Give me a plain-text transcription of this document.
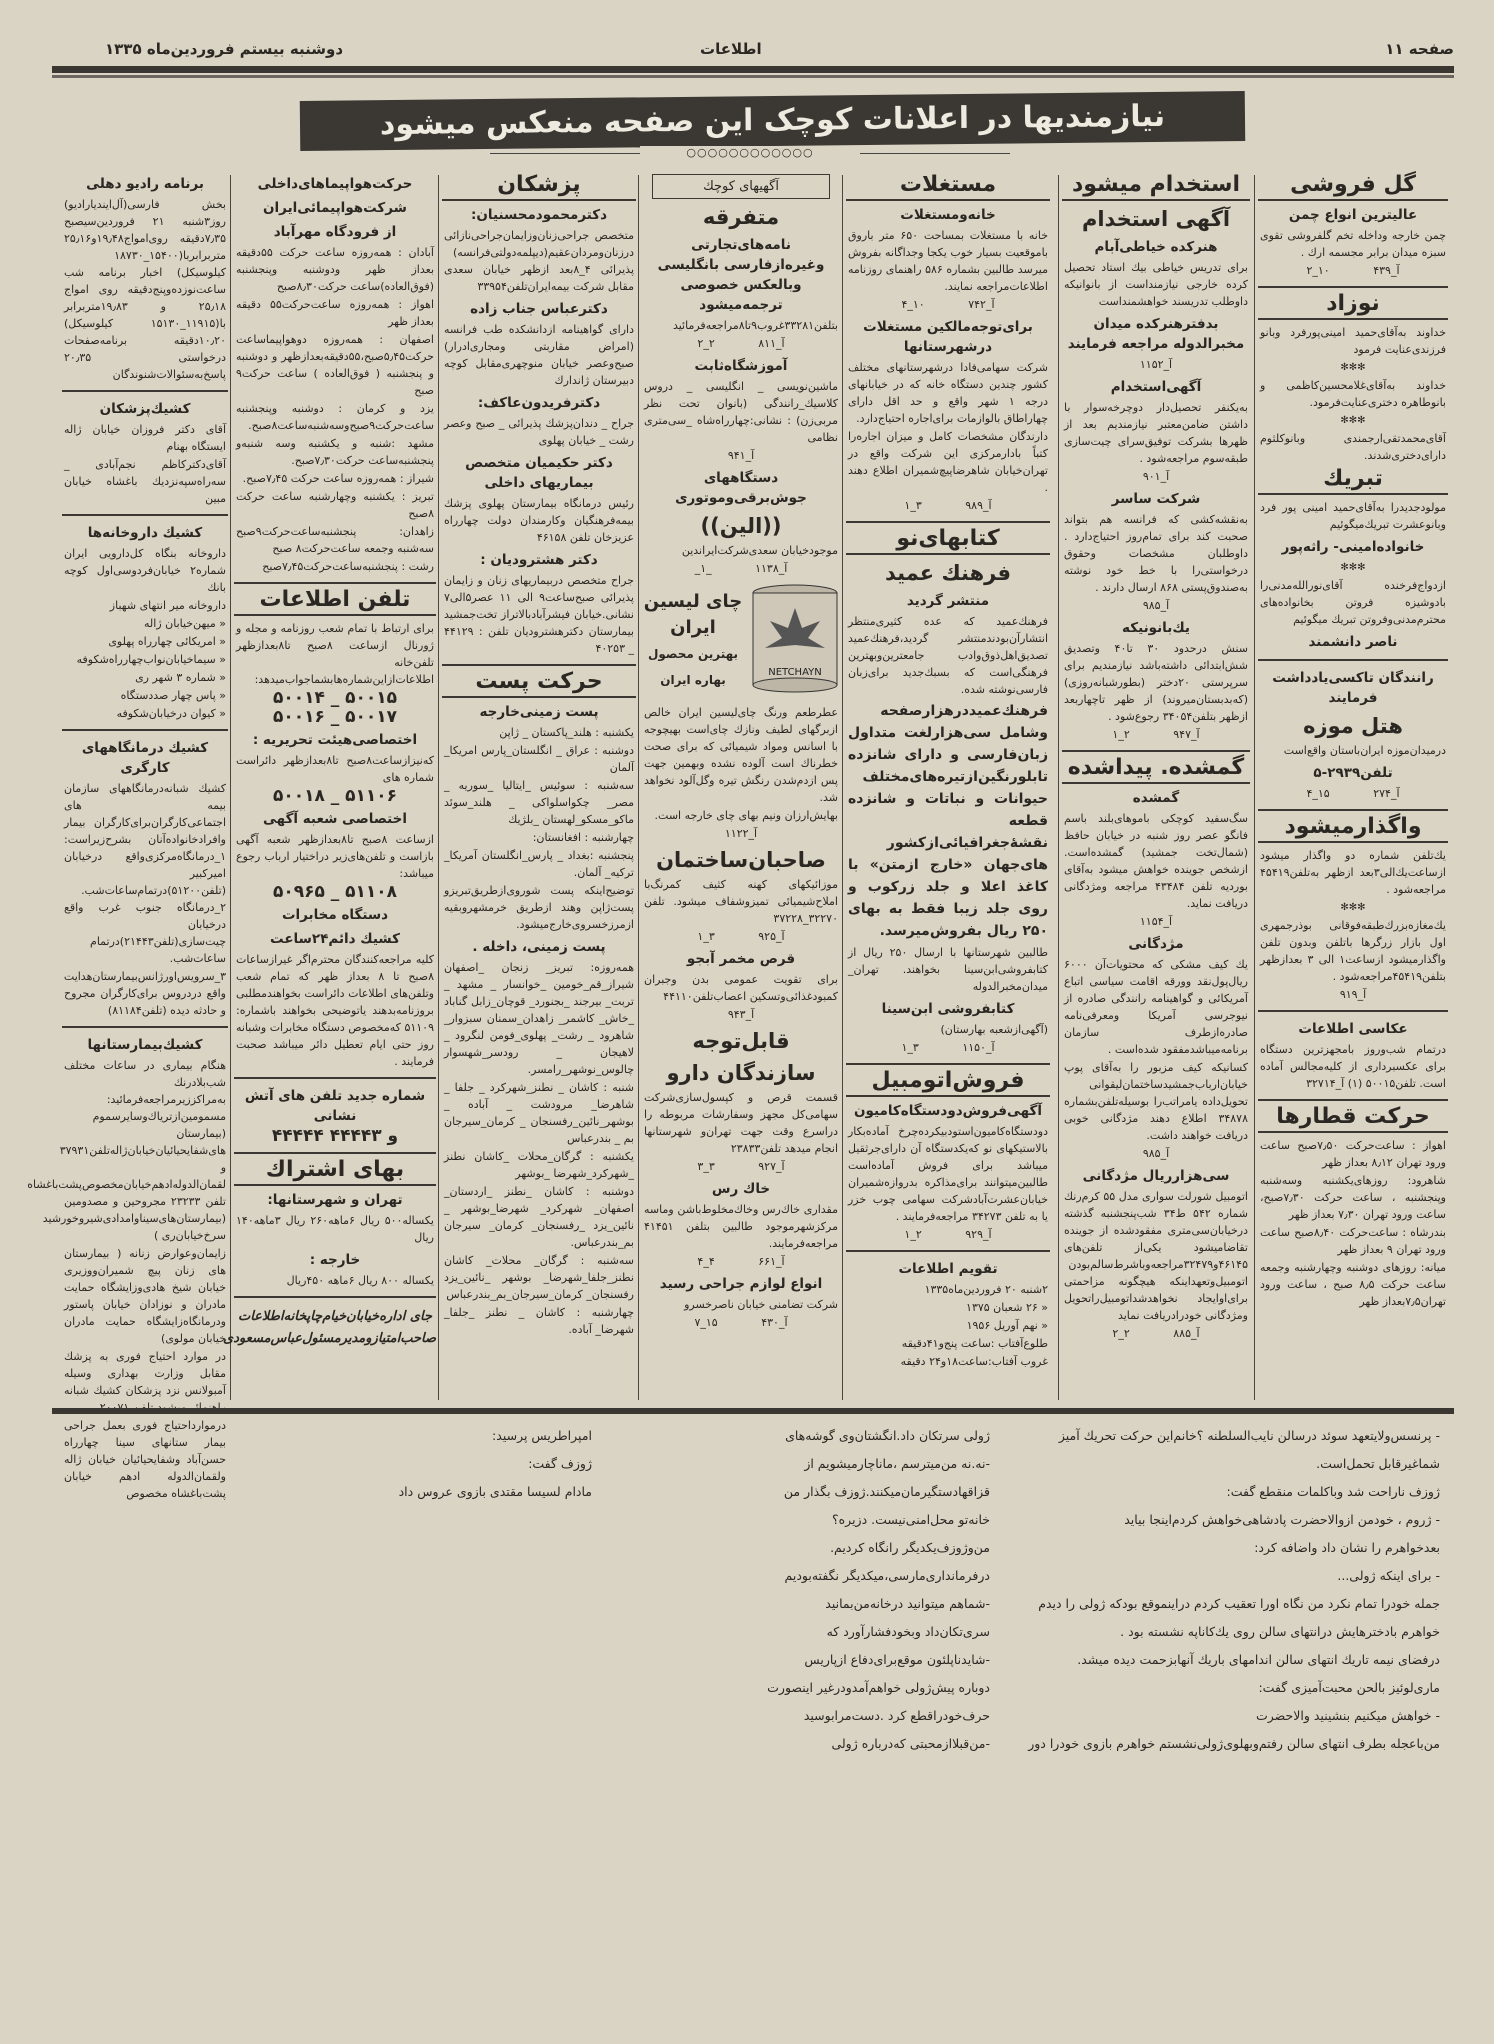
صفحه ۱۱
اطلاعات
دوشنبه بیستم فروردین‌ماه ۱۳۳۵
نیازمندیها در اعلانات کوچک این صفحه منعکس میشود
○○○○○○○○○○○○
گل فروشی
عالیترین انواع چمن
چمن خارجه وداخله تخم گلفروشی تقوی سبزه میدان برابر مجسمه ارك .
آ_۴۳۹ ۱۰_۲
نوزاد
خداوند به‌آقای‌حمید امینی‌پورفرد وبانو فرزندی‌عنایت فرمود
✻✻✻
خداوند به‌آقای‌غلامحسین‌کاظمی و بانوطاهره دختری‌عنایت‌فرمود.
✻✻✻
آقای‌محمدتقی‌ارجمندی وبانوکلثوم دارای‌دختری‌شدند.
تبریك
مولودجدیدرا به‌آقای‌حمید امینی پور فرد وبانوعشرت تبریك‌میگوئیم
خانواده‌امینی- راثه‌پور
✻✻✻
ازدواج‌فرخنده آقای‌نورالله‌مدنی‌را بادوشیزه فروتن بخانواده‌های محترم‌مدنی‌وفروتن تبریك میگوئیم
ناصر دانشمند
رانندگان تاکسی‌یادداشت فرمایند
هتل موزه
درمیدان‌موزه ایران‌باستان واقع‌است
تلفن۲۹۳۹-۵
آ_۲۷۴ ۱۵_۴
واگذارمیشود
یك‌تلفن شماره دو واگذار میشود ازساعت‌یك‌الی۳بعد ازظهر به‌تلفن۴۵۴۱۹ مراجعه‌شود .
✻✻✻
یك‌مغازه‌بزرك‌طبقه‌فوقانی بوذرجمهری اول بازار زرگرها باتلفن وبدون تلفن واگذارمیشود ازساعت۱ الی ۳ بعدازظهر بتلفن۴۵۴۱۹مراجعه‌شود .
آ_۹۱۹
عکاسی اطلاعات
درتمام شب‌وروز بامجهزترین دستگاه برای عکسبرداری از کلیه‌مجالس آماده است. تلفن۵۰۰۱۵ (۱) آ_۳۲۷۱۴
حرکت قطارها
اهواز : ساعت‌حرکت ۷٫۵۰صبح ساعت ورود تهران ۸٫۱۲ بعداز ظهر
شاهرود: روزهای‌یکشنبه وسه‌شنبه وپنجشنبه ، ساعت حرکت ۷٫۳۰صبح، ساعت ورود تهران ۷٫۳۰ بعداز ظهر
بندرشاه : ساعت‌حرکت ۸٫۴۰صبح ساعت ورود تهران ۹ بعداز ظهر
میانه: روزهای دوشنبه وچهارشنبه وجمعه ساعت حرکت ۸٫۵ صبح ، ساعت ورود تهران۷٫۵بعداز ظهر
استخدام میشود
آگهی استخدام
هنرکده خیاطی‌آبام
برای تدریس خیاطی بیك استاد تحصیل کرده خارجی نیازمنداست از بانوانیکه داوطلب تدریسند خواهشمنداست
بدفترهنرکده میدان مخبرالدوله مراجعه فرمایند
آ_۱۱۵۲
آگهی‌استخدام
به‌یکنفر تحصیل‌دار دوچرخه‌سوار با داشتن ضامن‌معتبر نیازمندیم بعد از ظهرها بشرکت توفیق‌سرای چیت‌سازی طبقه‌سوم مراجعه‌شود .
آ_۹۰۱
شرکت ساسر
به‌نقشه‌کشی که فرانسه هم بتواند صحبت کند برای تمام‌روز احتیاج‌دارد . داوطلبان مشخصات وحقوق درخواستی‌را با خط خود نوشته به‌صندوق‌پستی ۸۶۸ ارسال دارند .
آ_۹۸۵
یك‌بانونیکه
سنش درحدود ۳۰ تا۴۰ وتصدیق شش‌ابتدائی داشته‌باشد نیازمندیم برای سرپرستی ۲۰دختر (بطورشبانه‌روزی) (که‌بدبستان‌میروند) از ظهر تاچهاربعد ازظهر بتلفن۳۴۰۵۴ رجوع‌شود .
آ_۹۴۷ ۲_۱
گمشده. پیداشده
گمشده
سگ‌سفید کوچکی باموهای‌بلند باسم فانگو عصر روز شنبه در خیابان حافظ (شمال‌تخت جمشید) گمشده‌است. ازشخص جوینده خواهش میشود به‌آقای بوردیه تلفن ۴۳۴۸۴ مراجعه ومژدگانی دریافت نماید.
آ_۱۱۵۴
مژدگانی
یك کیف مشکی که محتویات‌آن ۶۰۰۰ ریال‌پول‌نقد وورقه اقامت سیاسی اتباع آمریکائی و گواهینامه رانندگی صادره از نیوجرسی آمریکا ومعرفی‌نامه صادره‌ازطرف سازمان برنامه‌میباشدمفقود شده‌است .
کسانیکه کیف مزبور را به‌آقای پوپ خیابان‌ارباب‌جمشیدساختمان‌لیقوانی تحویل‌داده یامراتب‌را بوسیله‌تلفن‌بشماره ۳۴۸۷۸ اطلاع دهند مژدگانی خوبی دریافت خواهند داشت.
آ_۹۸۵
سی‌هزارریال مژدگانی
اتومبیل شورلت سواری مدل ۵۵ کرم‌رنك شماره ۵۴۲ ط۳۴ شب‌پنجشنبه گذشته درخیابان‌سی‌متری مفقودشده از جوینده تقاضامیشود یکی‌از تلفن‌های ۴۶۱۴۵و۳۲۴۷۹مراجعه‌وباشرط‌سالم‌بودن اتومبیل‌وتعهداینکه هیچگونه مزاحمتی برای‌اوایجاد نخواهدشداتومبیل‌راتحویل ومژدگانی خودرادریافت نماید
آ_۸۸۵ ۲_۲
مستغلات
خانه‌ومستغلات
خانه با مستغلات بمساحت ۶۵۰ متر باروق باموقعیت بسیار خوب یکجا وجداگانه بفروش میرسد طالبین بشماره ۵۸۶ راهنمای روزنامه اطلاعات‌مراجعه نمایند.
آ_۷۴۲ ۱۰_۴
برای‌توجه‌مالکین مستغلات درشهرستانها
شرکت سهامی‌فادا درشهرستانهای مختلف کشور چندین دستگاه خانه که در خیابانهای درجه ۱ شهر واقع و حد اقل دارای چهاراطاق بالوازمات برای‌اجاره احتیاج‌دارد.
دارندگان مشخصات کامل و میزان اجاره‌را کتباً بادارمرکزی این شرکت واقع در تهران‌خیابان شاهرضاپیچ‌شمیران اطلاع دهند .
آ_۹۸۹ ۳_۱
کتابهای‌نو
فرهنك عمید
منتشر گردید
فرهنك‌عمید که عده کثیری‌منتظر انتشارآن‌بودندمنتشر گردید،فرهنك‌عمید تصدیق‌اهل‌ذوق‌وادب جامعترین‌وبهترین فرهنگی‌است که بسبك‌جدید برای‌زبان فارسی‌نوشته شده.
فرهنك‌عمیددرهزارصفحه وشامل سی‌هزارلغت متداول زبان‌فارسی و دارای شانزده تابلورنگین‌ازتیره‌های‌مختلف حیوانات و نباتات و شانزده قطعه نقشهٔ‌جغرافیائی‌ازکشور های‌جهان «خارج ازمتن» با کاغذ اعلا و جلد زرکوب و روی جلد زیبا فقط به بهای ۲۵۰ ریال بفروش‌میرسد.
طالبین شهرستانها با ارسال ۲۵۰ ریال از کتابفروشی‌ابن‌سینا بخواهند. تهران_ میدان‌مخبرالدوله
کتابفروشی ابن‌سینا
(آگهی‌ازشعبه بهارستان)
آ_۱۱۵۰ ۳_۱
فروش‌اتومبیل
آگهی‌فروش‌دودستگاه‌کامیون
دودستگاه‌کامیون‌استودبیکرده‌چرخ آماده‌بکار بالاستیکهای نو که‌یکدستگاه آن دارای‌جرثقیل میباشد برای فروش آماده‌است طالبین‌میتوانند برای‌مذاکره بدروازه‌شمیران خیابان‌عشرت‌آبادشرکت سهامی چوب خزر یا به تلفن ۳۴۲۷۳ مراجعه‌فرمایند .
آ_۹۲۹ ۲_۱
تقویم اطلاعات
۲شنبه ۲۰ فروردین‌ماه۱۳۳۵
« ۲۶ شعبان ۱۳۷۵
« نهم آوریل ۱۹۵۶
طلوع‌آفتاب :ساعت پنج‌و۴۱دقیقه
غروب آفتاب:ساعت۱۸و۲۴ دقیقه
آگهیهای کوچك
متفرقه
نامه‌های‌تجارتی وغیره‌ازفارسی بانگلیسی وبالعکس خصوصی ترجمه‌میشود
بتلفن۳۳۲۸۱غروب۹تا۸مراجعه‌فرمائید
آ_۸۱۱ ۲_۲
آموزشگاه‌ثابت
ماشین‌نویسی _ انگلیسی _ دروس کلاسیك_رانندگی (بانوان تحت نظر مربی‌زن) : نشانی:چهارراه‌شاه _سی‌متری نظامی
آ_۹۴۱
دستگاههای جوش‌برقی‌وموتوری
((الین))
موجودخیابان سعدی‌شرکت‌ایراندین
آ_۱۱۳۸ _۱_
NETCHAYN
چای لیسین ایران
بهترین محصول بهاره ایران
عطرطعم ورنگ چای‌لیسین ایران خالص ازبرگهای لطیف ونازك چای‌است بهیچوجه با اسانس ومواد شیمیائی که برای صحت خطرناك است آلوده نشده وبهمین جهت پس ازدم‌شدن رنگش تیره وگل‌آلود نخواهد شد.
بهایش‌ارزان ونیم بهای چای خارجه است.
آ_۱۱۲۲
صاحبان‌ساختمان
موزائیکهای کهنه کثیف کمرنگ‌با املاح‌شیمیائی تمیزوشفاف میشود. تلفن ۳۲۲۷۰_۳۷۲۲۸
آ_۹۲۵ ۳_۱
قرص مخمر آبجو
برای تقویت عمومی بدن وجبران کمبودغذائی‌وتسکین اعصاب‌تلفن۴۴۱۱۰
آ_۹۴۳
قابل‌توجه
سازندگان دارو
قسمت قرص و کپسول‌سازی‌شرکت سهامی‌کل مجهز وسفارشات مربوطه را دراسرع وقت جهت تهران‌و شهرستانها انجام میدهد تلفن۲۳۸۳۳
آ_۹۲۷ ۳_۳
خاك رس
مقداری خاك‌رس وخاك‌مخلوط‌باشن وماسه مرکزشهرموجود طالبین بتلفن ۴۱۴۵۱ مراجعه‌فرمایند.
آ_۶۶۱ ۴_۴
انواع لوازم جراحی رسید
شرکت تضامنی خیابان ناصرخسرو
آ_۴۳۰ ۱۵_۷
پزشکان
دکترمحمودمحسنیان:
متخصص جراحی‌زنان‌وزایمان‌جراحی‌نازائی درزنان‌ومردان‌عقیم(دیپلمه‌دولتی‌فرانسه) پذیرائی ۴_۸بعد ازظهر خیابان سعدی مقابل شرکت بیمه‌ایران‌تلفن۳۳۹۵۴
دکترعباس جناب زاده
دارای گواهینامه ازدانشکده طب فرانسه (امراض مقاربتی ومجاری‌ادرار) صبح‌وعصر خیابان منوچهری‌مقابل کوچه دبیرستان ژاندارك
دکترفریدون‌عاکف:
جراح _ دندان‌پزشك پذیرائی _ صبح وعصر رشت _ خیابان پهلوی
دکتر حکیمیان متخصص بیماریهای داخلی
رئیس درمانگاه بیمارستان پهلوی پزشك بیمه‌فرهنگیان وکارمندان دولت چهارراه عزیزخان تلفن ۴۶۱۵۸
دکتر هشترودیان :
جراح متخصص دربیماریهای زنان و زایمان پذیرائی صبح‌ساعت۹ الی ۱۱ عصر۵الی۷ نشانی.خیابان فیشرآباد‌بالاتراز تخت‌جمشید بیمارستان دکترهشترودیان تلفن : ۴۴۱۲۹ _ ۴۰۲۵۳
حرکت پست
پست زمینی‌خارجه
یکشنبه : هلند_پاکستان _ ژاپن
دوشنبه : عراق _ انگلستان_پارس امریکا_ آلمان
سه‌شنبه : سوئیس _ایتالیا _سوریه _ مصر_ چکواسلواکی _ هلند_سوئد ماکو_مسکو_لهستان _بلژیك
چهارشنبه : افغانستان:
پنجشنبه :بغداد _ پارس_انگلستان آمریکا_ ترکیه_ آلمان.
توضیح‌اینکه پست شوروی‌ازطریق‌تبریزو پست‌ژاپن وهند ازطریق خرمشهروبقیه ازمرزخسروی‌خارج‌میشود.
پست زمینی، داخله .
همه‌روزه: تبریز_ زنجان _اصفهان شیراز_قم_خومین _خوانسار _ مشهد _ تربت_ بیرجند _بجنورد_ قوچان_زابل گناباد _خاش_ کاشمر_ زاهدان_سمنان سبزوار_ شاهرود _ رشت_ پهلوی_فومن لنگرود _ لاهیجان _ رودسر_شهسوار چالوس_نوشهر_رامسر.
شنبه : کاشان _ نطنز_شهرکرد _ جلفا _ شاهرضا_ مرودشت _ آباده _ بوشهر_نائین_رفسنجان _ کرمان_سیرجان بم _ بندرعباس
یکشنبه : گرگان_محلات _کاشان نطنز _شهرکرد_شهرضا _بوشهر
دوشنبه : کاشان _نطنز _اردستان_ اصفهان_ شهرکرد_ شهرضا_بوشهر _ نائین_یزد _رفسنجان_ کرمان_ سیرجان بم_بندرعباس.
سه‌شنبه : گرگان_ محلات_ کاشان نطنز_جلفا_شهرضا_ بوشهر _نائین_یزد رفسنجان_ کرمان_سیرجان_بم_بندرعباس
چهارشنبه : کاشان _ نطنز _جلفا_ شهرضا_ آباده.
حرکت‌هواپیماهای‌داخلی
شرکت‌هواپیمائی‌ایران
از فرودگاه مهرآباد
آبادان : همه‌روزه ساعت حرکت ۵۵دقیقه بعداز ظهر ودوشنبه وپنجشنبه (فوق‌العاده)ساعت حرکت۸٫۳۰صبح
اهواز : همه‌روزه ساعت‌حرکت۵۵ دقیقه بعداز ظهر
اصفهان : همه‌روزه دوهواپیماساعت حرکت۵٫۴۵صبح،۵۵دقیقه‌بعدازظهر و دوشنبه و پنجشنبه ( فوق‌العاده ) ساعت حرکت۹ صبح
یزد و کرمان : دوشنبه وپنجشنبه ساعت‌حرکت۹صبح‌وسه‌شنبه‌ساعت۸صبح.
مشهد :شنبه و یکشنبه وسه شنبه‌و پنجشنبه‌ساعت حرکت۷٫۳۰صبح.
شیراز : همه‌روزه ساعت حرکت ۷٫۴۵صبح.
تبریز : یکشنبه وچهارشنبه ساعت حرکت ۸صبح
زاهدان: پنجشنبه‌ساعت‌حرکت۹صبح سه‌شنبه وجمعه ساعت‌حرکت۸ صبح
رشت : پنجشنبه‌ساعت‌حرکت۷٫۴۵صبح
تلفن اطلاعات
برای ارتباط با تمام شعب روزنامه و مجله و ژورنال ازساعت ۸صبح تا۸بعدازظهر تلفن‌خانه اطلاعات‌ازاین‌شماره‌هابشماجواب‌میدهد:
۵۰۰۱۴ _ ۵۰۰۱۵
۵۰۰۱۶ _ ۵۰۰۱۷
اختصاصی‌هیئت تحریریه :
که‌نیزازساعت۸صبح تا۸بعدازظهر دائراست شماره های
۵۰۰۱۸ _ ۵۱۱۰۶
اختصاصی شعبه آگهی
ازساعت ۸صبح تا۸بعدازظهر شعبه آگهی بازاست و تلفن‌های‌زیر دراختیار ارباب رجوع میباشد:
۵۰۹۶۵ _ ۵۱۱۰۸
دستگاه مخابرات
کشیك دائم۲۴ساعت
کلیه مراجعه‌کنندگان محترم‌اگر غیرازساعات ۸صبح تا ۸ بعداز ظهر که تمام شعب وتلفن‌های اطلاعات دائراست بخواهندمطلبی بروزنامه‌بدهند یاتوضیحی بخواهند باشماره: ۵۱۱۰۹ که‌مخصوص دستگاه مخابرات وشبانه روز حتی ایام تعطیل دائر میباشد صحبت فرمایند .
شماره جدید تلفن های آتش نشانی
۴۴۴۴۴ و ۴۴۴۴۳
بهای اشتراك
تهران و شهرستانها:
یکساله۵۰۰ ریال ۶ماهه۲۶۰ ریال ۳ماهه۱۴۰ ریال
خارجه :
یکساله ۸۰۰ ریال ۶ماهه ۴۵۰ریال
جای اداره‌خیابان‌خیام‌چاپخانه‌اطلاعات صاحب‌امتیازومدیرمسئول‌عباس‌مسعودی
برنامه رادیو دهلی
بخش فارسی(آل‌ایندیارادیو) روز۳شنبه ۲۱ فروردین‌سیصبح ۷٫۳۵دقیقه روی‌امواج۱۹٫۴۸و۲۵٫۱۶ متربرابربا(۱۵۴۰۰_۱۸۷۳۰ کیلوسیکل) اخبار برنامه شب ساعت‌نوزده‌وپنج‌دقیقه روی امواج ۲۵٫۱۸ و ۱۹٫۸۳متربرابر با(۱۱۹۱۵_۱۵۱۳۰ کیلوسیکل) ۱۰٫۲۰دقیقه برنامه‌صفحات درخواستی ۲۰٫۳۵ پاسخ‌به‌سئوالات‌شنوندگان
کشیك‌پزشکان
آقای دکتر فروزان خیابان ژاله ایستگاه بهنام
آقای‌دکترکاظم نجم‌آبادی _ سه‌راه‌سپه‌نزدیك باغشاه خیابان مبین
کشیك داروخانه‌ها
داروخانه بنگاه کل‌دارویی ایران شماره۲ خیابان‌فردوسی‌اول کوچه بانك
داروخانه میر انتهای شهباز
« میهن‌خیابان ژاله
« امریکائی چهارراه پهلوی
« سیماخیابان‌نواب‌چهارراه‌شکوفه
« شماره ۳ شهر ری
« پاس چهار صددستگاه
« کیوان درخیابان‌شکوفه
کشیك درمانگاههای کارگری
کشیك شبانه‌درمانگاههای سازمان بیمه های اجتماعی‌کارگران‌برای‌کارگران بیمار وافرادخانواده‌آنان بشرح‌زیراست: ۱_درمانگاه‌مرکزی‌واقع درخیابان امیرکبیر (تلفن۵۱۲۰۰)درتمام‌ساعات‌شب. ۲_درمانگاه جنوب غرب واقع درخیابان چیت‌سازی(تلفن۲۱۴۴۳)درتمام ساعات‌شب.
۳_سرویس‌اورژانس‌بیمارستان‌هدایت واقع دردروس برای‌کارگران مجروح و حادثه دیده (تلفن۸۱۱۸۴)
کشیك‌بیمارستانها
هنگام بیماری در ساعات مختلف شب‌بلادرنك به‌مراکززیرمراجعه‌فرمائید: مسمومین‌ازتریاك‌وسایرسموم (بیمارستان های‌شفا‌یحیائیان‌خیابان‌ژاله‌تلفن۳۷۹۳۱ و لقمان‌الدوله‌ادهم‌خیابان‌مخصوص‌پشت‌باغشاه تلفن ۲۳۲۳۳ مجروحین و مصدومین (بیمارستان‌های‌سینا‌وامدادی‌شیروخورشید سرخ‌خیابان‌ری )
زایمان‌وعوارض زنانه ( بیمارستان های زنان پیچ شمیران‌ووزیری خیابان شیخ هادی‌وزایشگاه حمایت مادران و نوزادان خیابان پاستور ودرمانگاه‌زایشگاه حمایت مادران خیابان مولوی)
در موارد احتیاج فوری به پزشك مقابل وزارت بهداری وسیله آمبولانس نزد پزشکان کشیك شبانه
درموارداحتیاج فوری بعمل جراحی بیمار ستانهای سینا چهارراه حسن‌آباد وشفا‌یحیائیان خیابان ژاله ولقمان‌الدوله ادهم خیابان پشت‌باغشاه مخصوص

- پرنسس‌ولایتعهد سوئد درسالن نایب‌السلطنه ؟خانم‌این حرکت تحریك آمیز شماغیرقابل تحمل‌است.

ژوزف ناراحت شد وباکلمات منقطع گفت:

- ژروم ، خودمن ازوالاحضرت پادشاهی‌خواهش کردم‌اینجا بیاید

بعدخواهرم را نشان داد واضافه کرد:

- برای اینکه ژولی...

جمله خودرا تمام نکرد من نگاه اورا تعقیب کردم دراینموقع بودکه ژولی را دیدم خواهرم بادخترهایش درانتهای سالن روی یك‌کاناپه نشسته بود .

درفضای نیمه تاریك انتهای سالن اندامهای باریك آنهابزحمت دیده میشد.

ماری‌لوئیز بالحن محبت‌آمیزی گفت:

- خواهش میکنیم بنشینید والاحضرت

من‌باعجله بطرف انتهای سالن رفتم‌وبهلوی‌ژولی‌نشستم خواهرم بازوی خودرا دور

ژولی سرتکان داد.انگشتان‌وی گوشه‌های

-نه.نه من‌میترسم ،ماناچارمیشویم از

قزاقهادستگیرمان‌میکنند.ژوزف بگذار من

خانه‌تو محل‌امنی‌نیست. دزیره؟

من‌وژوزف‌یکدیگر رانگاه کردیم.

درفرمانداری‌مارسی،میکدیگر نگفته‌بودیم

-شماهم میتوانید درخانه‌من‌بمانید

سری‌تکان‌داد وبخودفشارآورد که

-شایدناپلئون موقع‌برای‌دفاع ازپاریس

دوباره پیش‌ژولی خواهم‌آمدودرغیر اینصورت

حرف‌خودراقطع کرد .دست‌مرابوسید

-من‌قبلاازمحبتی که‌درباره ژولی

امپراطریس پرسید:

ژوزف گفت:

مادام لسیسا مقتدی بازوی عروس داد
